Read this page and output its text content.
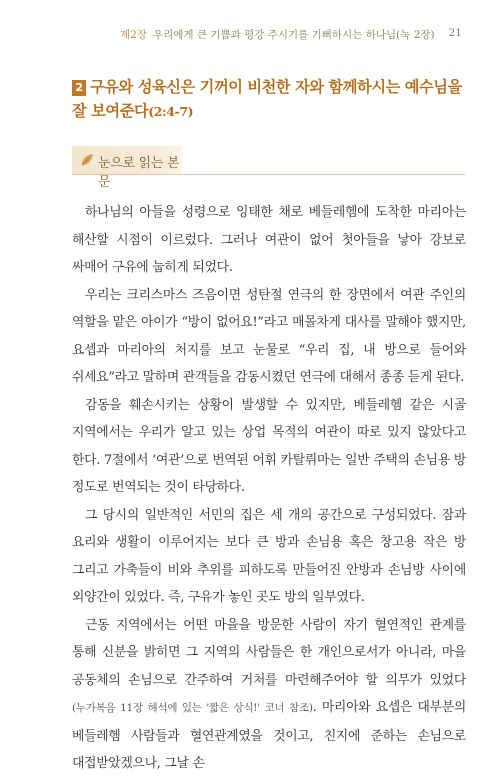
제2장 우리에게 큰 기쁨과 평강 주시기를 기뻐하시는 하나님(눅 2장) 21
2 구유와 성육신은 기꺼이 비천한 자와 함께하시는 예수님을 잘 보여준다(2:4-7)
눈으로 읽는 본문

하나님의 아들을 성령으로 잉태한 채로 베들레헴에 도착한 마리아는 해산할 시점이 이르렀다. 그러나 여관이 없어 첫아들을 낳아 강보로 싸매어 구유에 눕히게 되었다.

우리는 크리스마스 즈음이면 성탄절 연극의 한 장면에서 여관 주인의 역할을 맡은 아이가 “방이 없어요!”라고 매몰차게 대사를 말해야 했지만, 요셉과 마리아의 처지를 보고 눈물로 “우리 집, 내 방으로 들어와 쉬세요”라고 말하며 관객들을 감동시켰던 연극에 대해서 종종 듣게 된다.

감동을 훼손시키는 상황이 발생할 수 있지만, 베들레헴 같은 시골 지역에서는 우리가 알고 있는 상업 목적의 여관이 따로 있지 않았다고 한다. 7절에서 ‘여관’으로 번역된 어휘 카탈뤼마는 일반 주택의 손님용 방 정도로 번역되는 것이 타당하다.

그 당시의 일반적인 서민의 집은 세 개의 공간으로 구성되었다. 잠과 요리와 생활이 이루어지는 보다 큰 방과 손님용 혹은 창고용 작은 방 그리고 가축들이 비와 추위를 피하도록 만들어진 안방과 손님방 사이에 외양간이 있었다. 즉, 구유가 놓인 곳도 방의 일부였다.

근동 지역에서는 어떤 마을을 방문한 사람이 자기 혈연적인 관계를 통해 신분을 밝히면 그 지역의 사람들은 한 개인으로서가 아니라, 마을 공동체의 손님으로 간주하여 거처를 마련해주어야 할 의무가 있었다(누가복음 11장 해석에 있는 '짧은 상식!' 코너 참조). 마리아와 요셉은 대부분의 베들레헴 사람들과 혈연관계였을 것이고, 친지에 준하는 손님으로 대접받았겠으나, 그날 손
